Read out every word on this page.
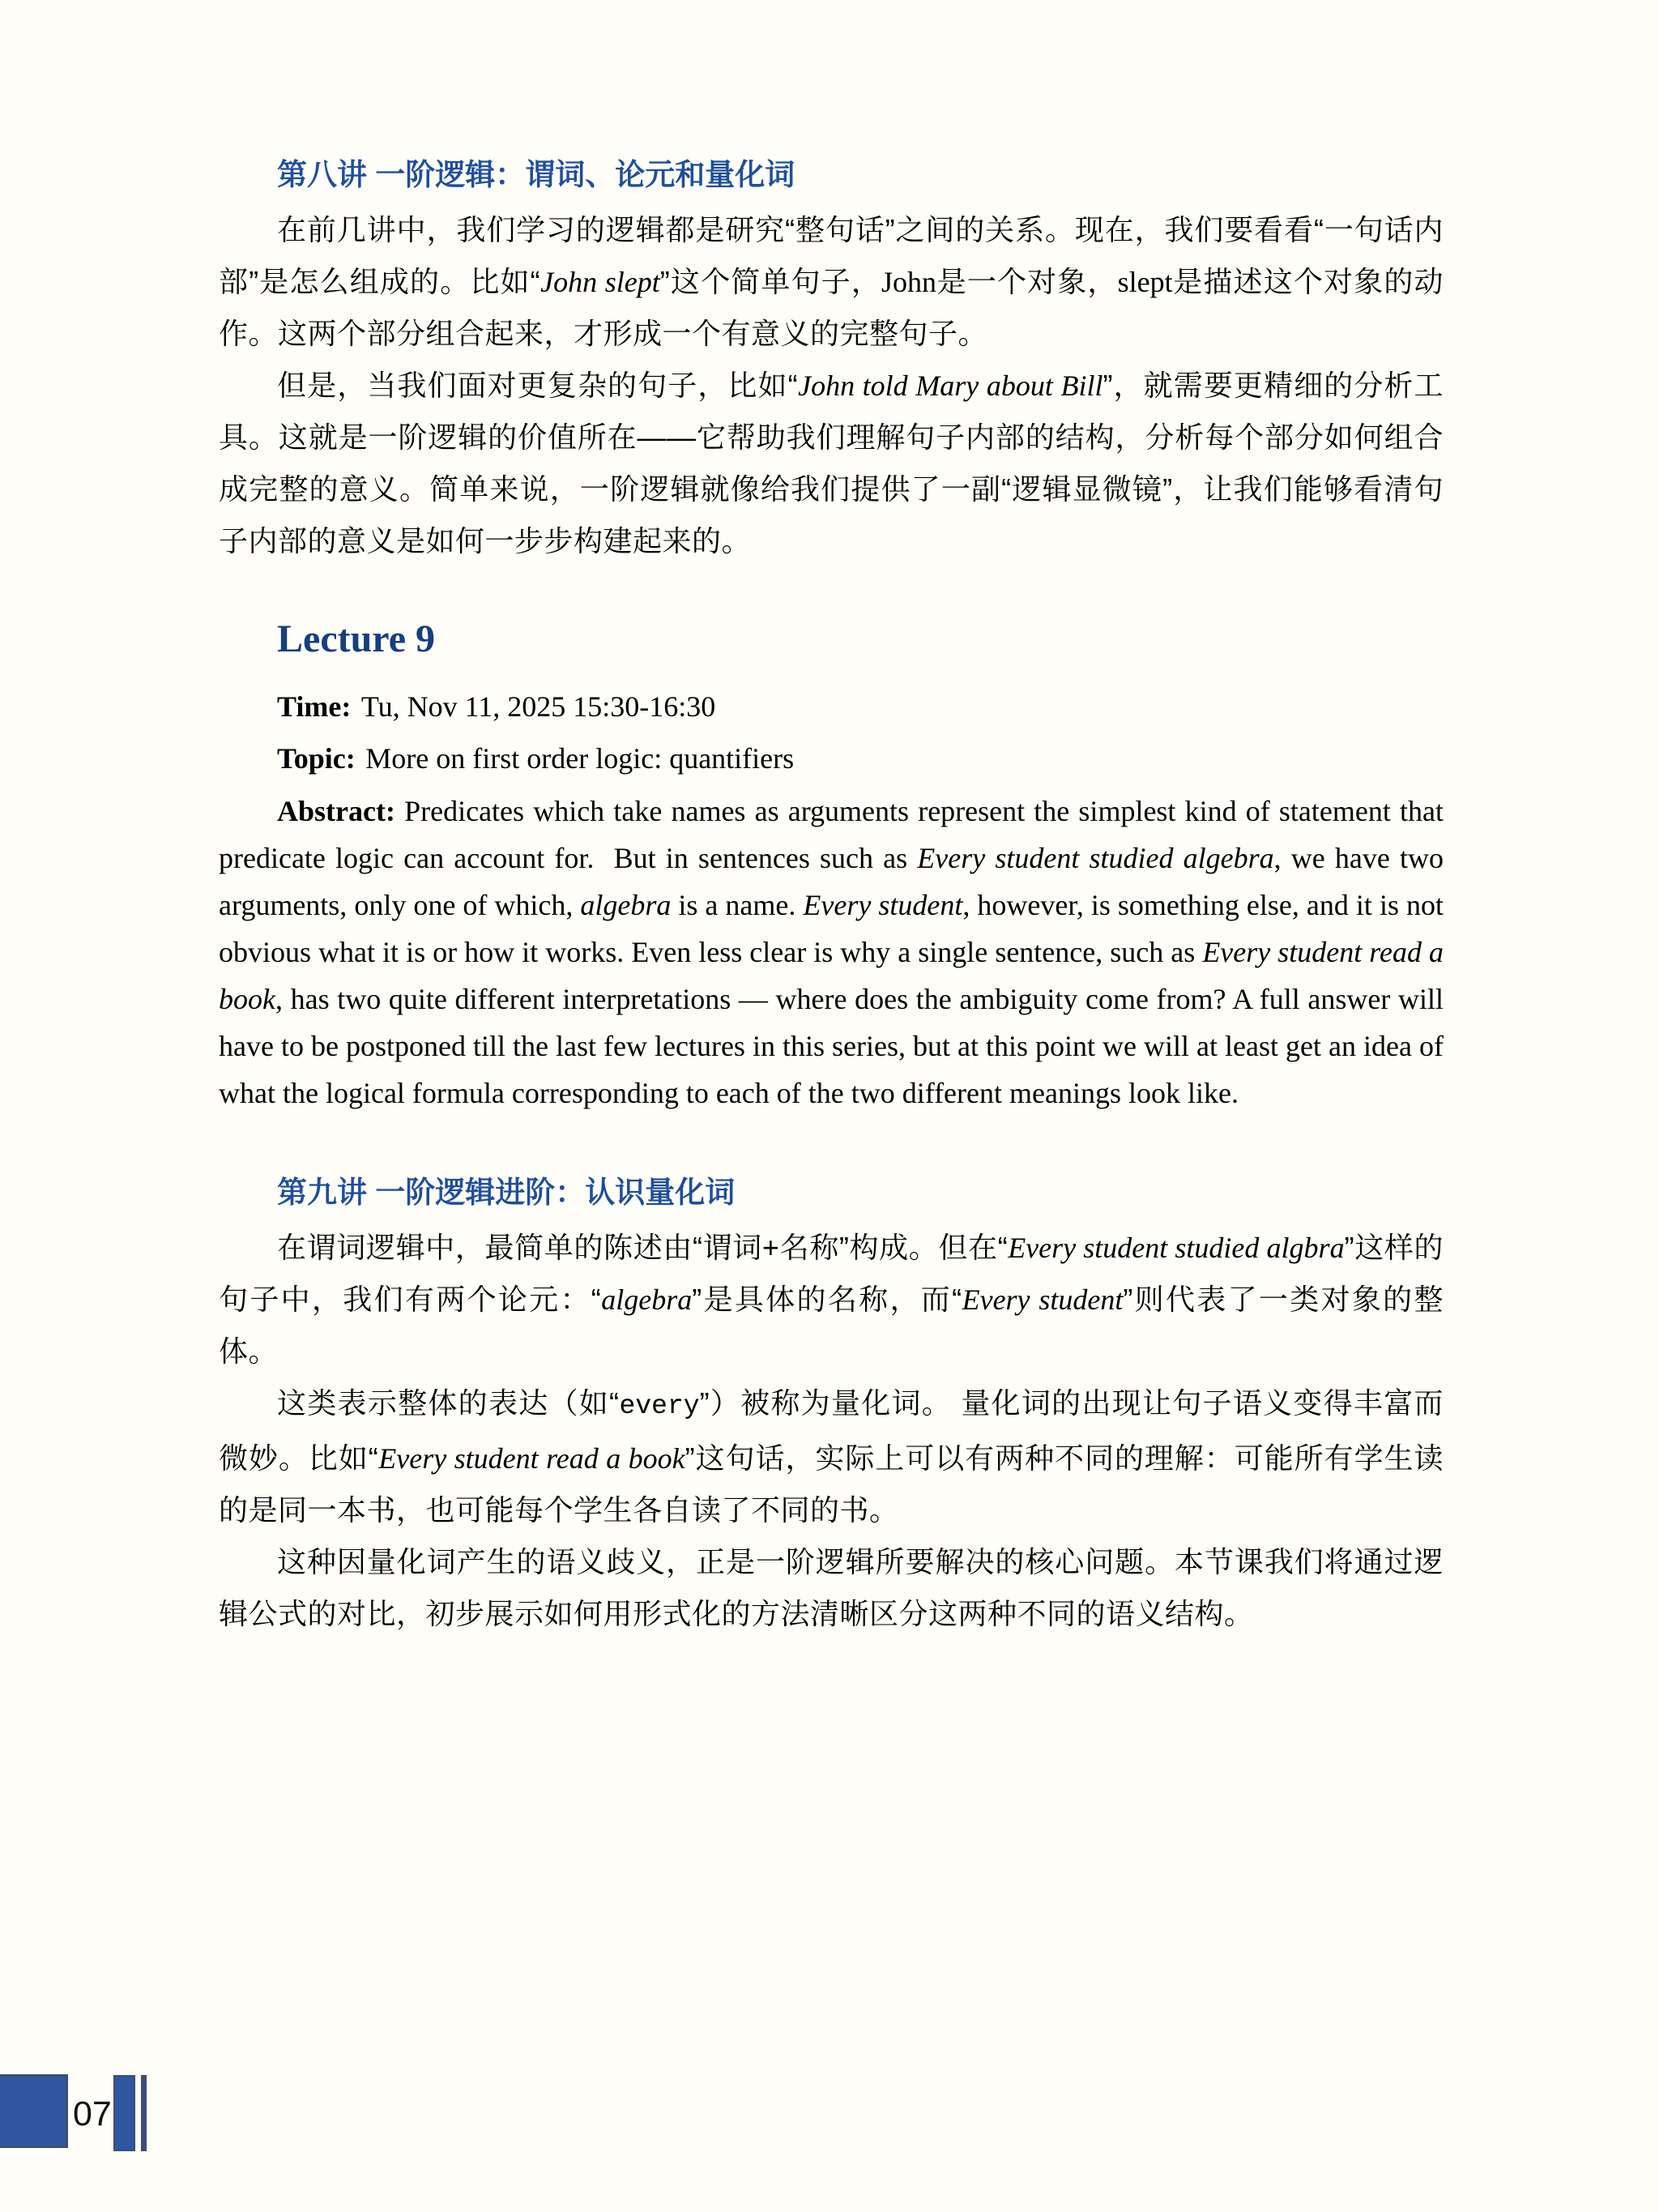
第八讲 一阶逻辑：谓词、论元和量化词

在前几讲中，我们学习的逻辑都是研究“整句话”之间的关系。现在，我们要看看“一句话内部”是怎么组成的。比如“John slept”这个简单句子，John是一个对象，slept是描述这个对象的动作。这两个部分组合起来，才形成一个有意义的完整句子。

但是，当我们面对更复杂的句子，比如“John told Mary about Bill”，就需要更精细的分析工具。这就是一阶逻辑的价值所在——它帮助我们理解句子内部的结构，分析每个部分如何组合成完整的意义。简单来说，一阶逻辑就像给我们提供了一副“逻辑显微镜”，让我们能够看清句子内部的意义是如何一步步构建起来的。

Lecture 9

Time: Tu, Nov 11, 2025 15:30-16:30

Topic: More on first order logic: quantifiers

Abstract: Predicates which take names as arguments represent the simplest kind of statement that predicate logic can account for.  But in sentences such as Every student studied algebra, we have two arguments, only one of which, algebra is a name. Every student, however, is something else, and it is not obvious what it is or how it works. Even less clear is why a single sentence, such as Every student read a book, has two quite different interpretations — where does the ambiguity come from? A full answer will have to be postponed till the last few lectures in this series, but at this point we will at least get an idea of what the logical formula corresponding to each of the two different meanings look like.

第九讲 一阶逻辑进阶：认识量化词

在谓词逻辑中，最简单的陈述由“谓词+名称”构成。但在“Every student studied algbra”这样的句子中，我们有两个论元：“algebra”是具体的名称，而“Every student”则代表了一类对象的整体。

这类表示整体的表达（如“every”）被称为量化词。 量化词的出现让句子语义变得丰富而微妙。比如“Every student read a book”这句话，实际上可以有两种不同的理解：可能所有学生读的是同一本书，也可能每个学生各自读了不同的书。

这种因量化词产生的语义歧义，正是一阶逻辑所要解决的核心问题。本节课我们将通过逻辑公式的对比，初步展示如何用形式化的方法清晰区分这两种不同的语义结构。

07
